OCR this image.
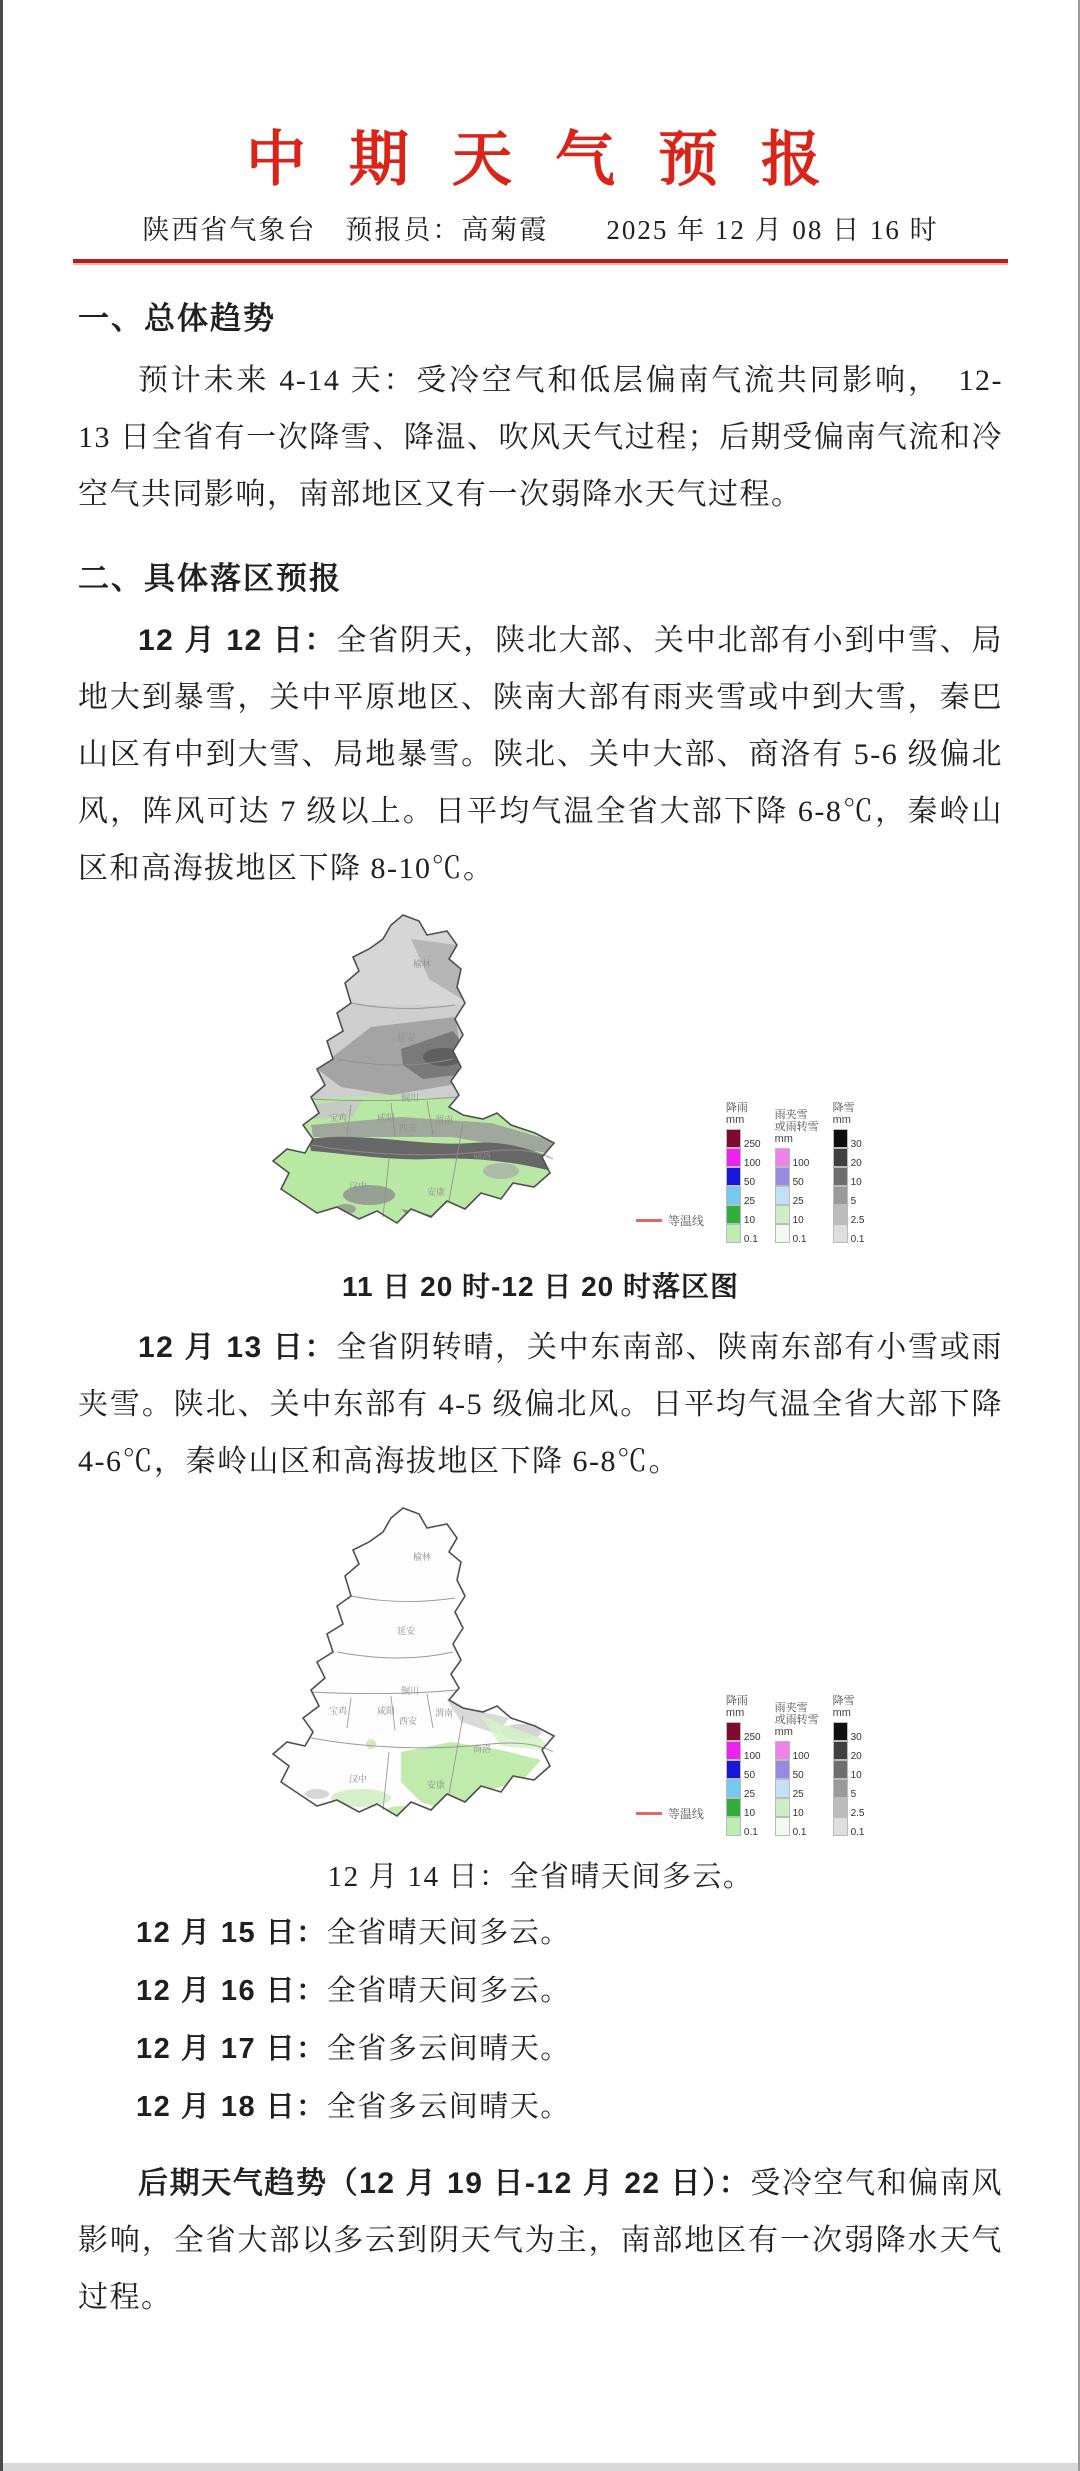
中 期 天 气 预 报
陕西省气象台　预报员：高菊霞　　2025 年 12 月 08 日 16 时
一、总体趋势

预计未来 4-14 天：受冷空气和低层偏南气流共同影响，　12-13 日全省有一次降雪、降温、吹风天气过程；后期受偏南气流和冷空气共同影响，南部地区又有一次弱降水天气过程。

二、具体落区预报

12 月 12 日：全省阴天，陕北大部、关中北部有小到中雪、局地大到暴雪，关中平原地区、陕南大部有雨夹雪或中到大雪，秦巴山区有中到大雪、局地暴雪。陕北、关中大部、商洛有 5-6 级偏北风，阵风可达 7 级以上。日平均气温全省大部下降 6-8℃，秦岭山区和高海拔地区下降 8-10℃。

榆林
延安
铜川
渭南
咸阳
西安
宝鸡
商洛
汉中
安康
等温线
降雨
mm
250
100
50
25
10
0.1
雨夹雪
或雨转雪
mm
100
50
25
10
0.1
降雪
mm
30
20
10
5
2.5
0.1
11 日 20 时-12 日 20 时落区图

12 月 13 日：全省阴转晴，关中东南部、陕南东部有小雪或雨夹雪。陕北、关中东部有 4-5 级偏北风。日平均气温全省大部下降 4-6℃，秦岭山区和高海拔地区下降 6-8℃。

榆林
延安
铜川
渭南
咸阳
西安
宝鸡
商洛
汉中
安康
等温线
降雨
mm
250
100
50
25
10
0.1
雨夹雪
或雨转雪
mm
100
50
25
10
0.1
降雪
mm
30
20
10
5
2.5
0.1

12 月 14 日：全省晴天间多云。

12 月 15 日：全省晴天间多云。

12 月 16 日：全省晴天间多云。

12 月 17 日：全省多云间晴天。

12 月 18 日：全省多云间晴天。

后期天气趋势（12 月 19 日-12 月 22 日）：受冷空气和偏南风影响，全省大部以多云到阴天气为主，南部地区有一次弱降水天气过程。
